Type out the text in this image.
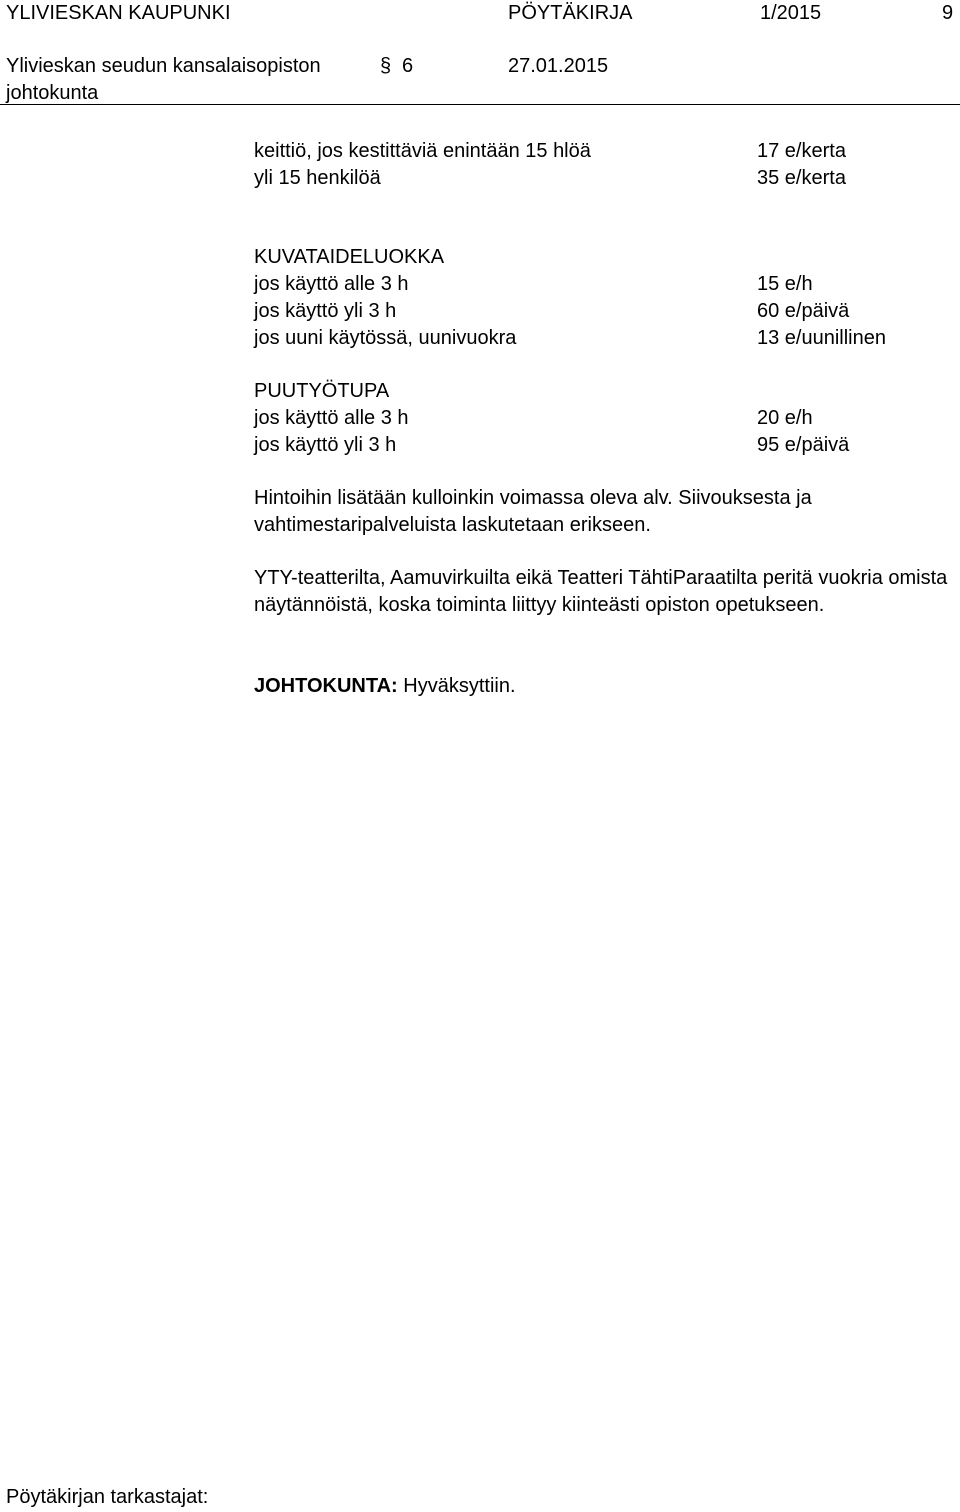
YLIVIESKAN KAUPUNKI	PÖYTÄKIRJA	1/2015	9
Ylivieskan seudun kansalaisopiston	§ 6	27.01.2015
johtokunta
keittiö, jos kestittäviä enintään 15 hlöä	17 e/kerta
yli 15 henkilöä	35 e/kerta
KUVATAIDELUOKKA
jos käyttö alle 3 h	15 e/h
jos käyttö yli 3 h	60 e/päivä
jos uuni käytössä, uunivuokra	13 e/uunillinen
PUUTYÖTUPA
jos käyttö alle 3 h	20 e/h
jos käyttö yli 3 h	95 e/päivä
Hintoihin lisätään kulloinkin voimassa oleva alv. Siivouksesta ja vahtimestaripalveluista laskutetaan erikseen.
YTY-teatterilta, Aamuvirkuilta eikä Teatteri TähtiParaatilta peritä vuokria omista näytännöistä, koska toiminta liittyy kiinteästi opiston opetukseen.
JOHTOKUNTA: Hyväksyttiin.
Pöytäkirjan tarkastajat:
